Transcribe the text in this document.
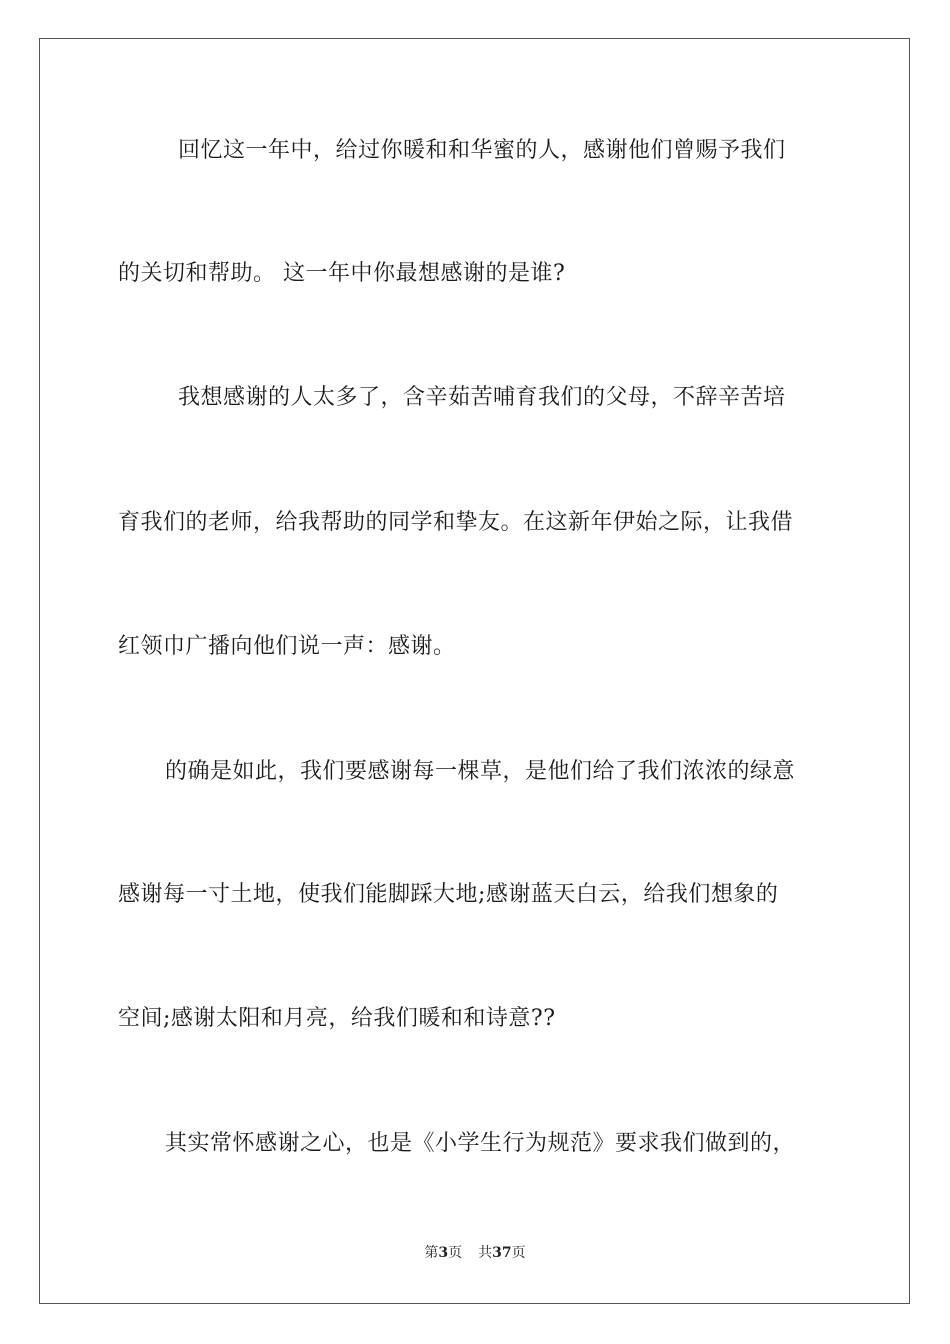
回忆这一年中，给过你暖和和华蜜的人，感谢他们曾赐予我们
的关切和帮助。 这一年中你最想感谢的是谁?
我想感谢的人太多了，含辛茹苦哺育我们的父母，不辞辛苦培
育我们的老师，给我帮助的同学和挚友。在这新年伊始之际，让我借
红领巾广播向他们说一声：感谢。
的确是如此，我们要感谢每一棵草，是他们给了我们浓浓的绿意
感谢每一寸土地，使我们能脚踩大地;感谢蓝天白云，给我们想象的
空间;感谢太阳和月亮，给我们暖和和诗意??
其实常怀感谢之心，也是《小学生行为规范》要求我们做到的，
第3页 共37页
